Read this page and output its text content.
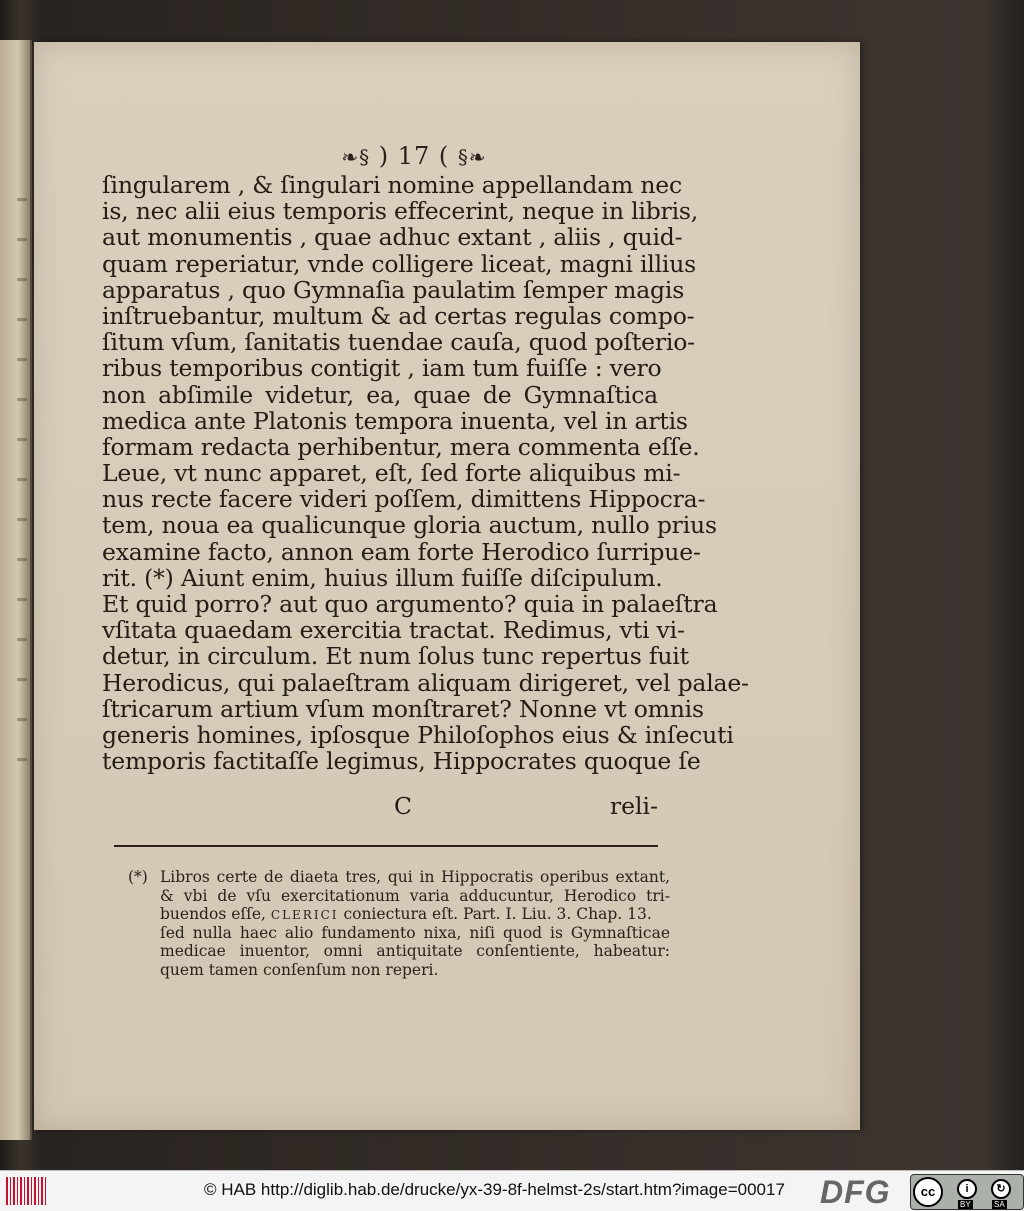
❧§ ) 17 ( §❧
ſingularem , & ſingulari nomine appellandam nec
is, nec alii eius temporis effecerint, neque in libris,
aut monumentis , quae adhuc extant , aliis , quid-
quam reperiatur, vnde colligere liceat, magni illius
apparatus , quo Gymnaſia paulatim ſemper magis
inſtruebantur, multum & ad certas regulas compo-
ſitum vſum, ſanitatis tuendae cauſa, quod poſterio-
ribus temporibus contigit , iam tum fuiſſe : vero
non abſimile videtur, ea, quae de Gymnaſtica
medica ante Platonis tempora inuenta, vel in artis
formam redacta perhibentur, mera commenta eſſe.
Leue, vt nunc apparet, eſt, ſed forte aliquibus mi-
nus recte facere videri poſſem, dimittens Hippocra-
tem, noua ea qualicunque gloria auctum, nullo prius
examine facto, annon eam forte Herodico ſurripue-
rit. (*) Aiunt enim, huius illum fuiſſe diſcipulum.
Et quid porro? aut quo argumento? quia in palaeſtra
vſitata quaedam exercitia tractat. Redimus, vti vi-
detur, in circulum. Et num ſolus tunc repertus fuit
Herodicus, qui palaeſtram aliquam dirigeret, vel palae-
ſtricarum artium vſum monſtraret? Nonne vt omnis
generis homines, ipſosque Philoſophos eius & inſecuti
temporis factitaſſe legimus, Hippocrates quoque ſe
C	reli-
(*) Libros certe de diaeta tres, qui in Hippocratis operibus extant,
& vbi de vſu exercitationum varia adducuntur, Herodico tri-
buendos eſſe, CLERICI coniectura eſt. Part. I. Liu. 3. Chap. 13.
ſed nulla haec alio fundamento nixa, niſi quod is Gymnaſticae
medicae inuentor, omni antiquitate conſentiente, habeatur:
quem tamen conſenſum non reperi.
© HAB http://diglib.hab.de/drucke/yx-39-8f-helmst-2s/start.htm?image=00017 DFG	cc	i	↻
BY	SA
